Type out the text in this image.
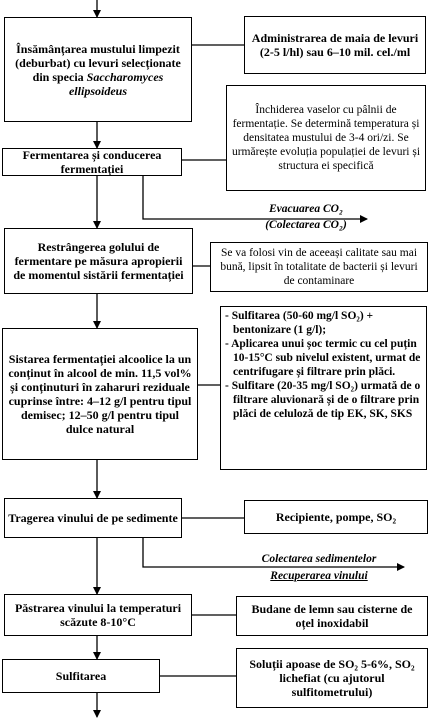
Însămânțarea mustului limpezit (deburbat) cu levuri selecționate din specia Saccharomyces ellipsoideus
Fermentarea și conducerea fermentației
Restrângerea golului de fermentare pe măsura apropierii de momentul sistării fermentației
Sistarea fermentației alcoolice la un conținut în alcool de min. 11,5 vol% și conținuturi în zaharuri reziduale cuprinse între: 4–12 g/l pentru tipul demisec; 12–50 g/l pentru tipul dulce natural
Tragerea vinului de pe sedimente
Păstrarea vinului la temperaturi scăzute 8-10°C
Sulfitarea
Administrarea de maia de levuri (2-5 l/hl) sau 6–10 mil. cel./ml
Închiderea vaselor cu pâlnii de fermentație. Se determină temperatura și densitatea mustului de 3-4 ori/zi. Se urmărește evoluția populației de levuri și structura ei specifică
Se va folosi vin de aceeași calitate sau mai bună, lipsit în totalitate de bacterii și levuri de contaminare
- Sulfitarea (50-60 mg/l SO₂) + bentonizare (1 g/l);
- Aplicarea unui șoc termic cu cel puțin 10-15°C sub nivelul existent, urmat de centrifugare și filtrare prin plăci.
- Sulfitare (20-35 mg/l SO₂) urmată de o filtrare aluvionară și de o filtrare prin plăci de celuloză de tip EK, SK, SKS
Recipiente, pompe, SO₂
Budane de lemn sau cisterne de oțel inoxidabil
Soluții apoase de SO₂ 5-6%, SO₂ lichefiat (cu ajutorul sulfitometrului)
Evacuarea CO₂
(Colectarea CO₂)
Colectarea sedimentelor
Recuperarea vinului
